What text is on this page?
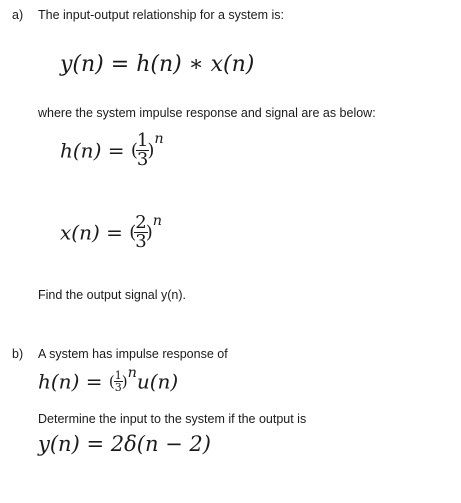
a) The input-output relationship for a system is:
y(n) = h(n) ∗ x(n)
where the system impulse response and signal are as below:
h(n) = (
$\frac{1}{3}$
)$^n$
x(n) = (
$\frac{2}{3}$
)$^n$
Find the output signal y(n).
b) A system has impulse response of
h(n) = ( $\frac{1}{3} )^nu(n)$
Determine the input to the system if the output is
y(n) = 2δ(n − 2)
